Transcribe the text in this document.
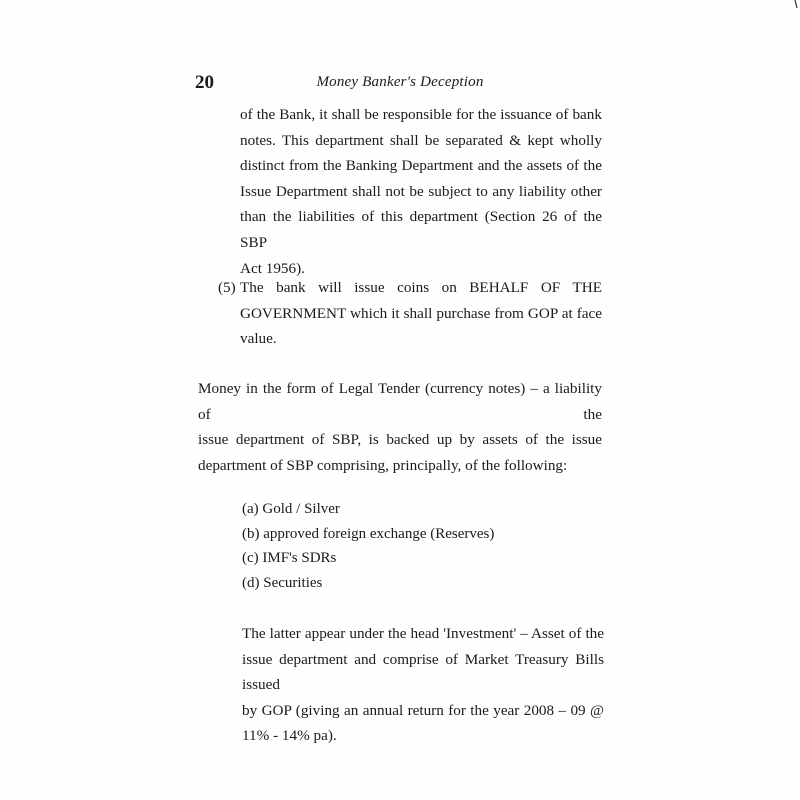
20	Money Banker's Deception

of the Bank, it shall be responsible for the issuance of bank

notes. This department shall be separated & kept wholly

distinct from the Banking Department and the assets of the

Issue Department shall not be subject to any liability other

than the liabilities of this department (Section 26 of the SBP

Act 1956).

(5) The bank will issue coins on BEHALF OF THE

GOVERNMENT which it shall purchase from GOP at face

value.

Money in the form of Legal Tender (currency notes) – a liability of the

issue department of SBP, is backed up by assets of the issue

department of SBP comprising, principally, of the following:

(a) Gold / Silver

(b) approved foreign exchange (Reserves)

(c) IMF's SDRs

(d) Securities

The latter appear under the head 'Investment' – Asset of the

issue department and comprise of Market Treasury Bills issued

by GOP (giving an annual return for the year 2008 – 09 @

11% - 14% pa).
